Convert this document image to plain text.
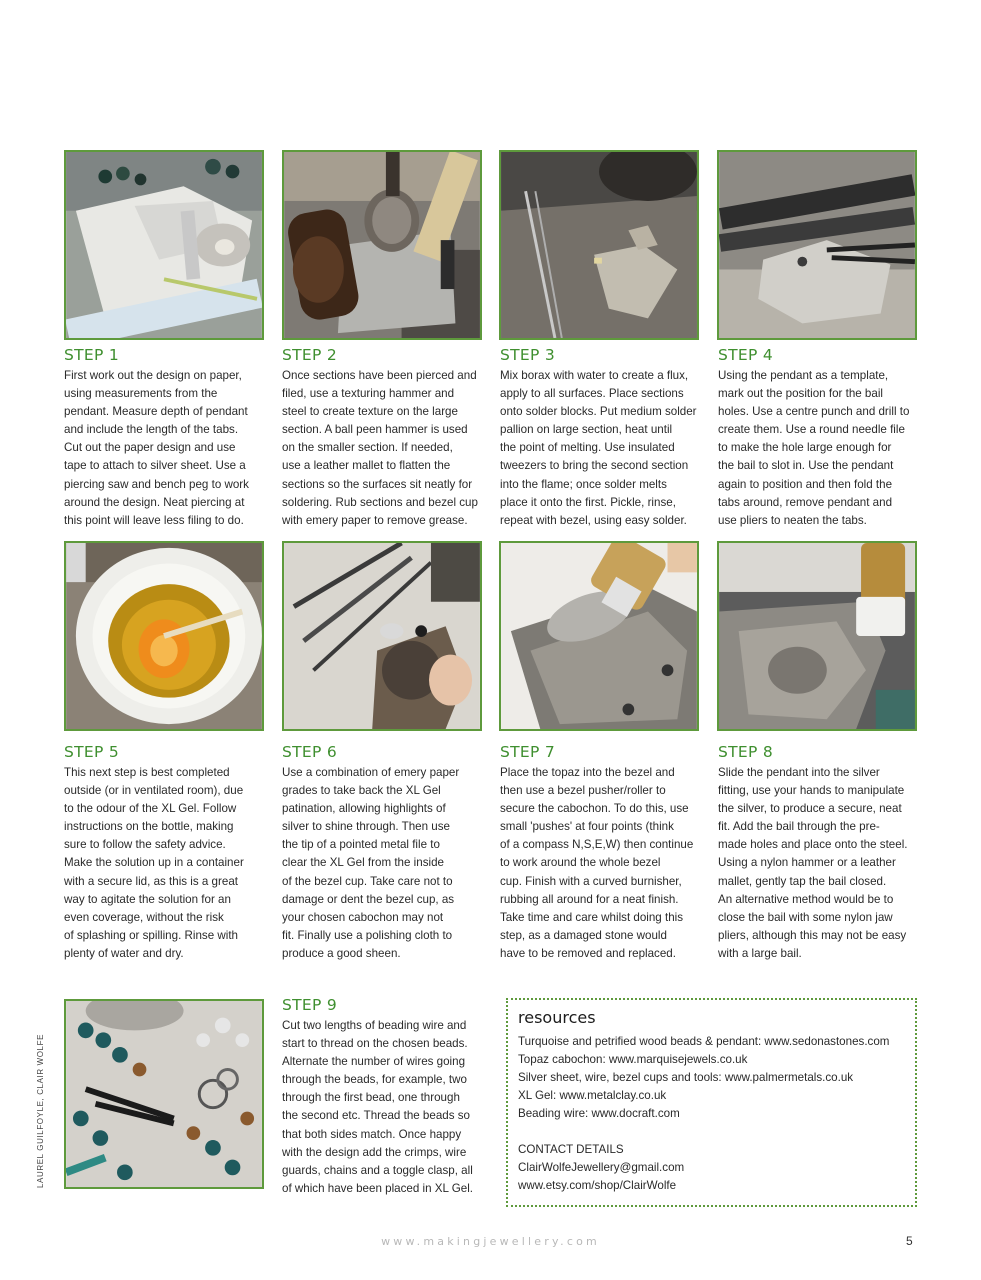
STEP 1
First work out the design on paper,
using measurements from the
pendant. Measure depth of pendant
and include the length of the tabs.
Cut out the paper design and use
tape to attach to silver sheet. Use a
piercing saw and bench peg to work
around the design. Neat piercing at
this point will leave less filing to do.
STEP 2
Once sections have been pierced and
filed, use a texturing hammer and
steel to create texture on the large
section. A ball peen hammer is used
on the smaller section. If needed,
use a leather mallet to flatten the
sections so the surfaces sit neatly for
soldering. Rub sections and bezel cup
with emery paper to remove grease.
STEP 3
Mix borax with water to create a flux,
apply to all surfaces. Place sections
onto solder blocks. Put medium solder
pallion on large section, heat until
the point of melting. Use insulated
tweezers to bring the second section
into the flame; once solder melts
place it onto the first. Pickle, rinse,
repeat with bezel, using easy solder.
STEP 4
Using the pendant as a template,
mark out the position for the bail
holes. Use a centre punch and drill to
create them. Use a round needle file
to make the hole large enough for
the bail to slot in. Use the pendant
again to position and then fold the
tabs around, remove pendant and
use pliers to neaten the tabs.
STEP 5
This next step is best completed
outside (or in ventilated room), due
to the odour of the XL Gel. Follow
instructions on the bottle, making
sure to follow the safety advice.
Make the solution up in a container
with a secure lid, as this is a great
way to agitate the solution for an
even coverage, without the risk
of splashing or spilling. Rinse with
plenty of water and dry.
STEP 6
Use a combination of emery paper
grades to take back the XL Gel
patination, allowing highlights of
silver to shine through. Then use
the tip of a pointed metal file to
clear the XL Gel from the inside
of the bezel cup. Take care not to
damage or dent the bezel cup, as
your chosen cabochon may not
fit. Finally use a polishing cloth to
produce a good sheen.
STEP 7
Place the topaz into the bezel and
then use a bezel pusher/roller to
secure the cabochon. To do this, use
small 'pushes' at four points (think
of a compass N,S,E,W) then continue
to work around the whole bezel
cup. Finish with a curved burnisher,
rubbing all around for a neat finish.
Take time and care whilst doing this
step, as a damaged stone would
have to be removed and replaced.
STEP 8
Slide the pendant into the silver
fitting, use your hands to manipulate
the silver, to produce a secure, neat
fit. Add the bail through the pre-
made holes and place onto the steel.
Using a nylon hammer or a leather
mallet, gently tap the bail closed.
An alternative method would be to
close the bail with some nylon jaw
pliers, although this may not be easy
with a large bail.
LAUREL GUILFOYLE, CLAIR WOLFE
STEP 9
Cut two lengths of beading wire and
start to thread on the chosen beads.
Alternate the number of wires going
through the beads, for example, two
through the first bead, one through
the second etc. Thread the beads so
that both sides match. Once happy
with the design add the crimps, wire
guards, chains and a toggle clasp, all
of which have been placed in XL Gel.
resources
Turquoise and petrified wood beads & pendant: www.sedonastones.com
Topaz cabochon: www.marquisejewels.co.uk
Silver sheet, wire, bezel cups and tools: www.palmermetals.co.uk
XL Gel: www.metalclay.co.uk
Beading wire: www.docraft.com
CONTACT DETAILS
ClairWolfeJewellery@gmail.com
www.etsy.com/shop/ClairWolfe
www.makingjewellery.com	5
